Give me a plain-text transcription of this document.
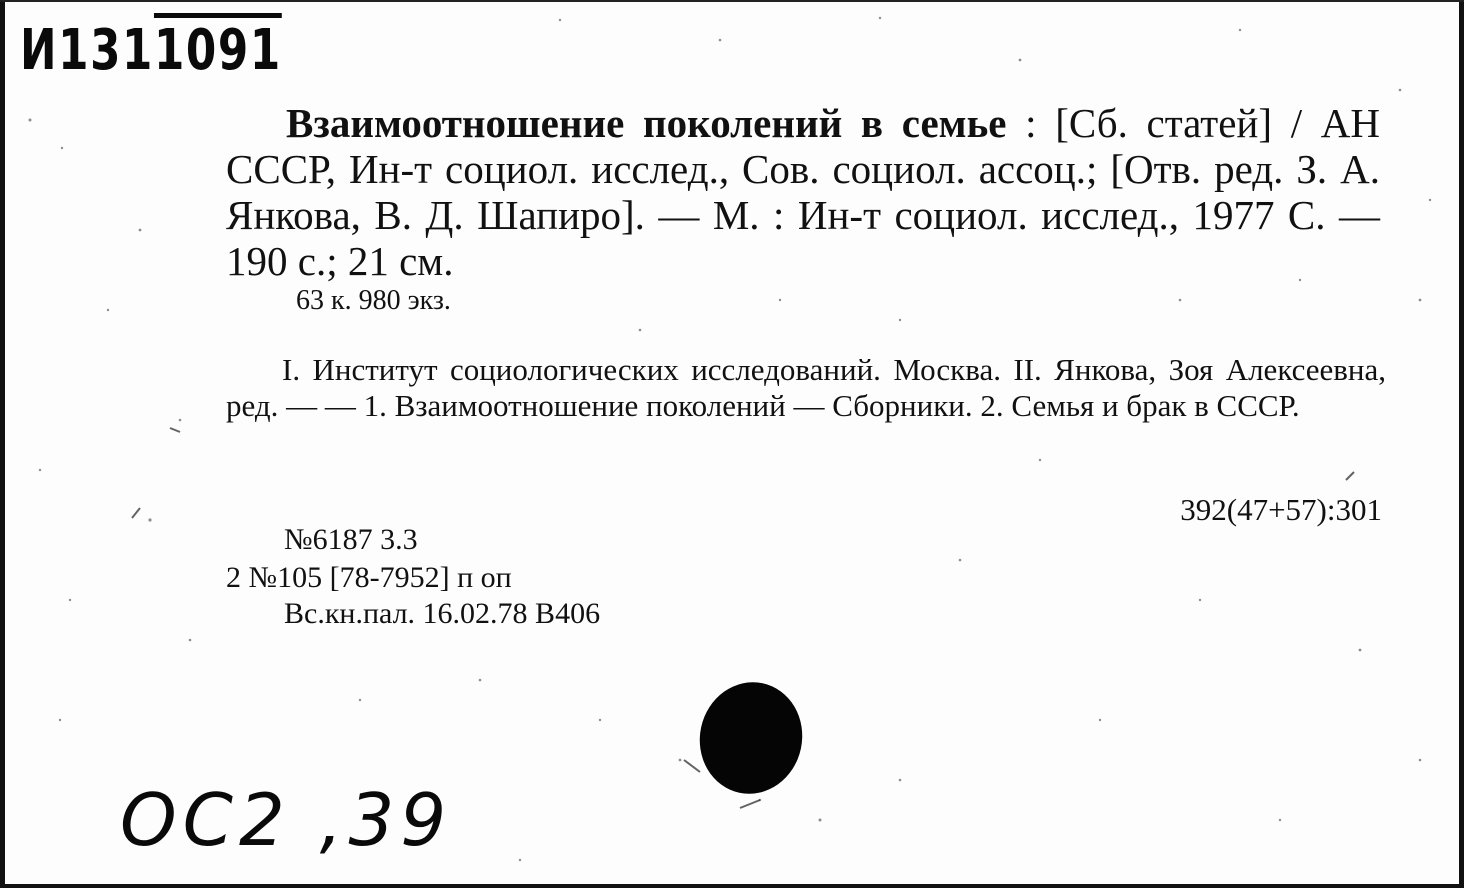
И1311091
Взаимоотношение поколений в семье : [Сб. статей] / АН СССР, Ин-т социол. исслед., Сов. социол. ассоц.; [Отв. ред. З. А. Янкова, В. Д. Шапиро]. — М. : Ин-т социол. исслед., 1977 С. — 190 с.; 21 см.
63 к. 980 экз.
I. Институт социологических исследований. Москва. II. Янкова, Зоя Алексеевна, ред. — — 1. Взаимоотношение поколений — Сборники. 2. Семья и брак в СССР.
392(47+57):301
№6187 3.3
2 №105 [78-7952] п оп
Вс.кн.пал. 16.02.78 B406
ОС2 ,39
